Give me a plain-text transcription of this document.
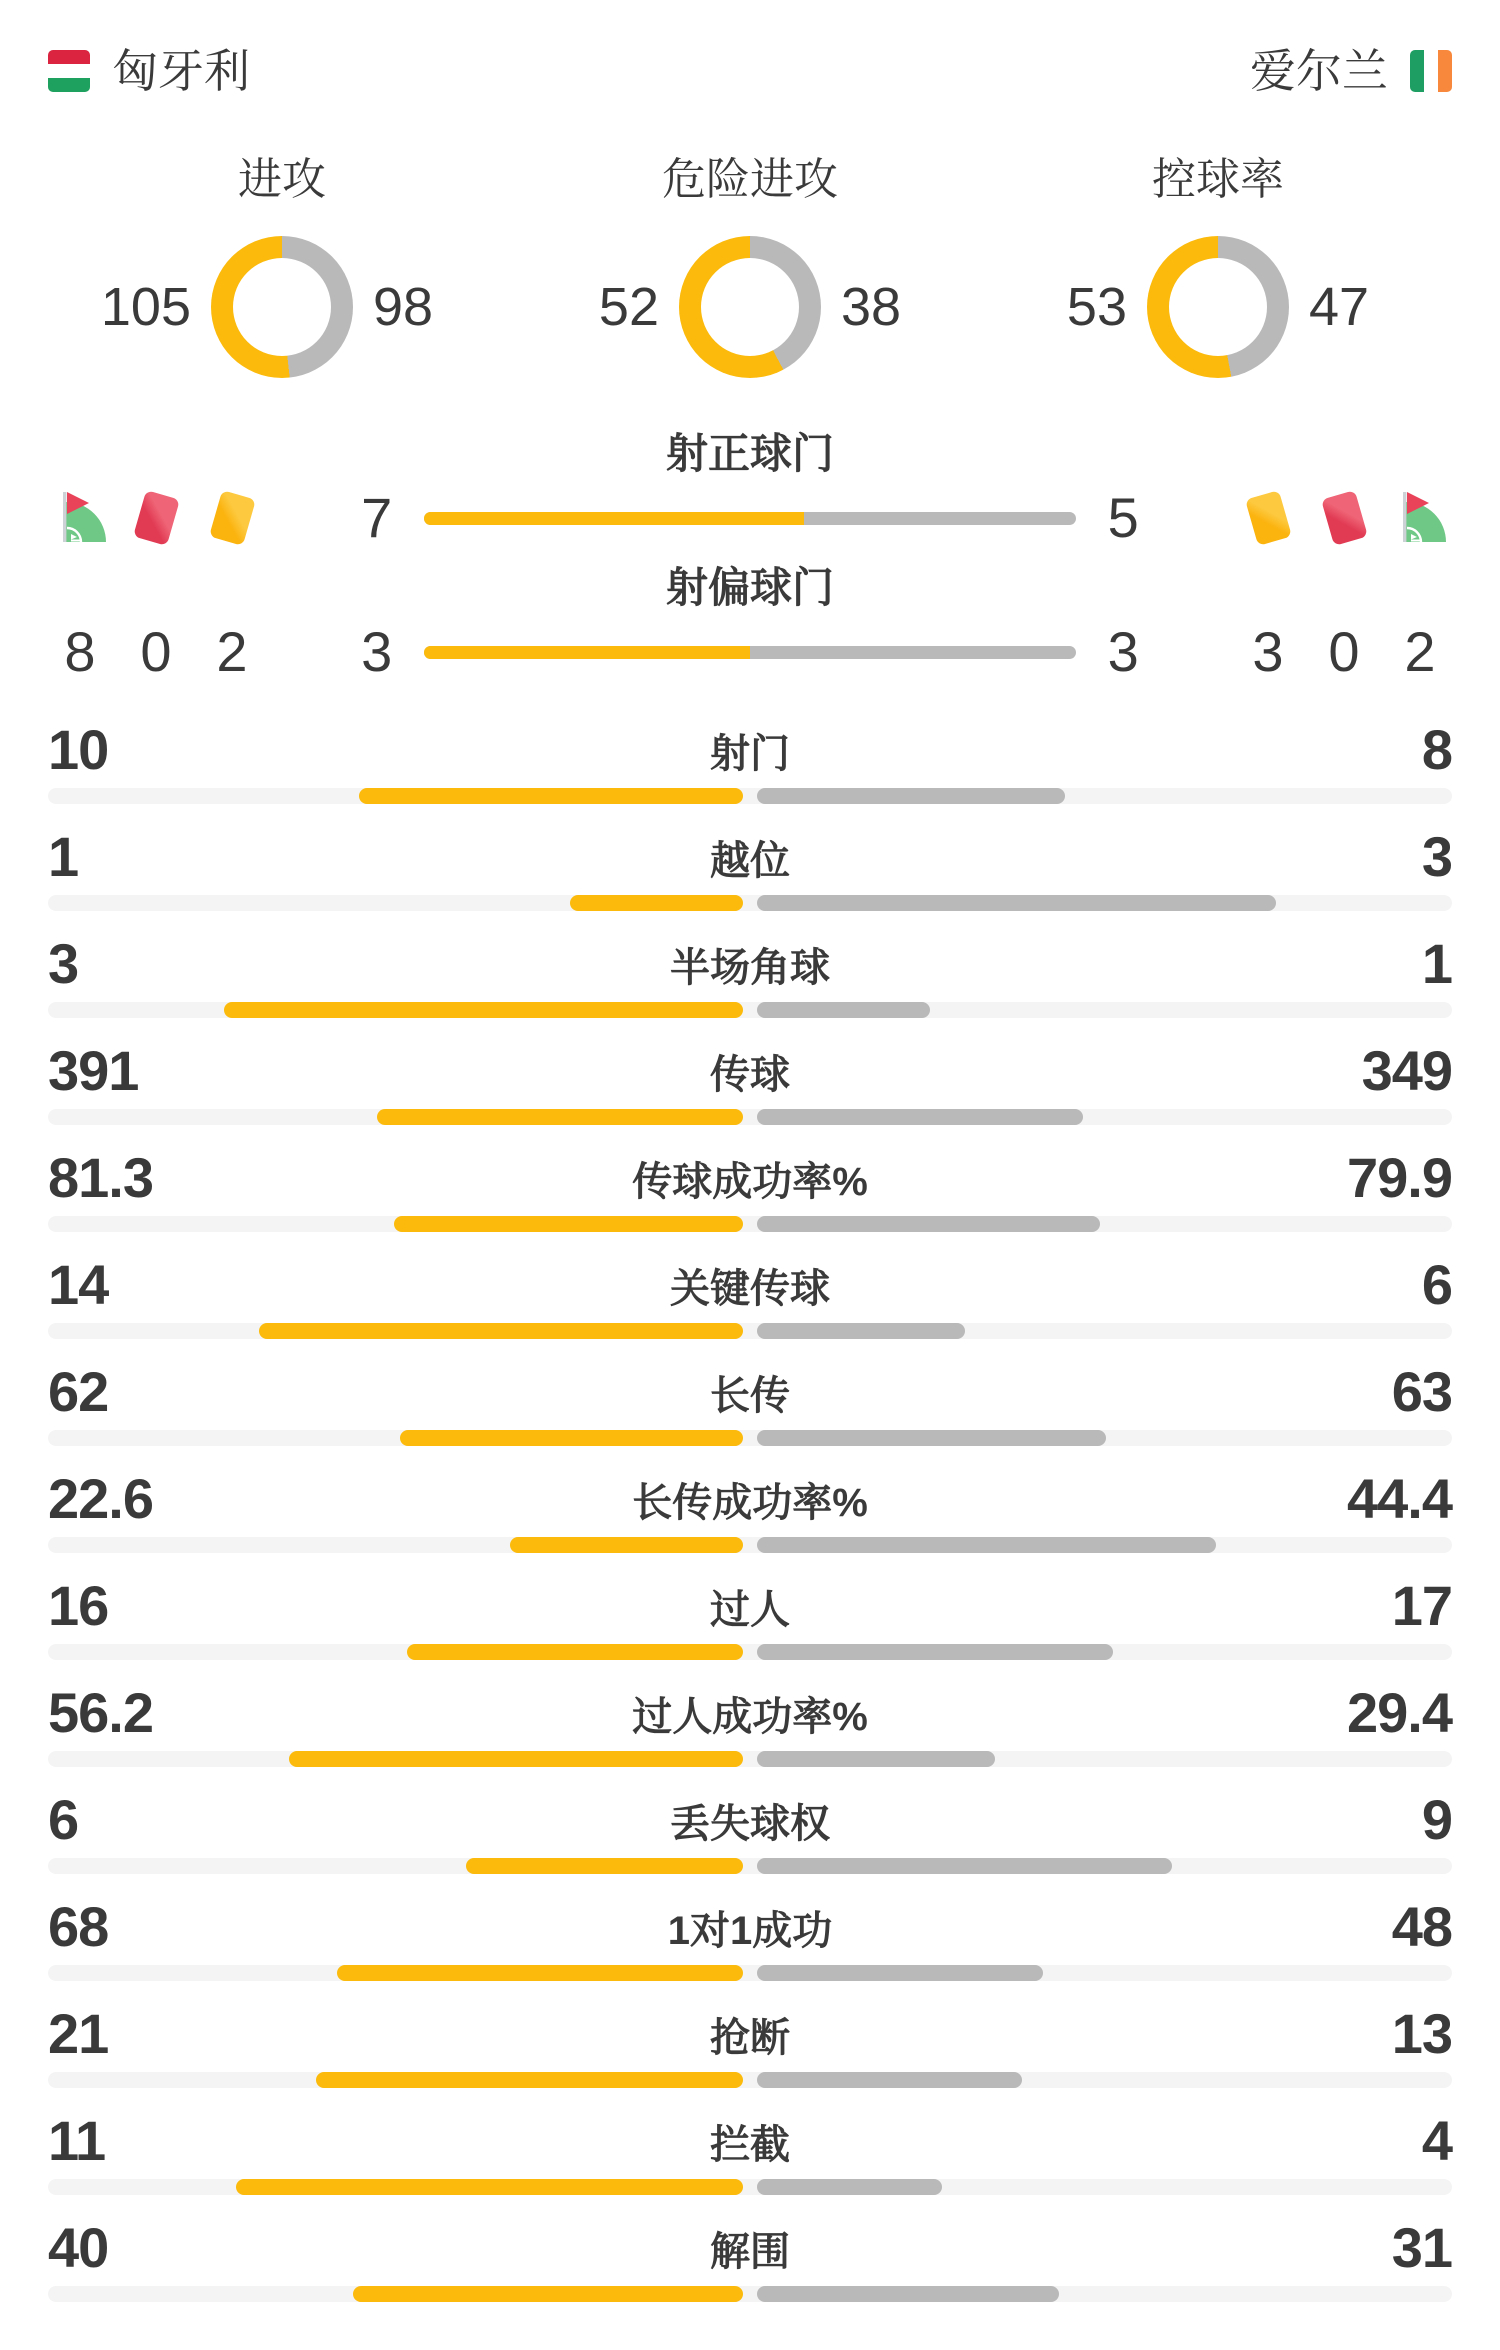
匈牙利	爱尔兰
进攻
105	98
危险进攻
52	38
控球率
53	47
射正球门
7	5
射偏球门
8 0 2	3	3	3 0 2
10	射门	8
1	越位	3
3	半场角球	1
391	传球	349
81.3	传球成功率%	79.9
14	关键传球	6
62	长传	63
22.6	长传成功率%	44.4
16	过人	17
56.2	过人成功率%	29.4
6	丢失球权	9
68	1对1成功	48
21	抢断	13
11	拦截	4
40	解围	31
